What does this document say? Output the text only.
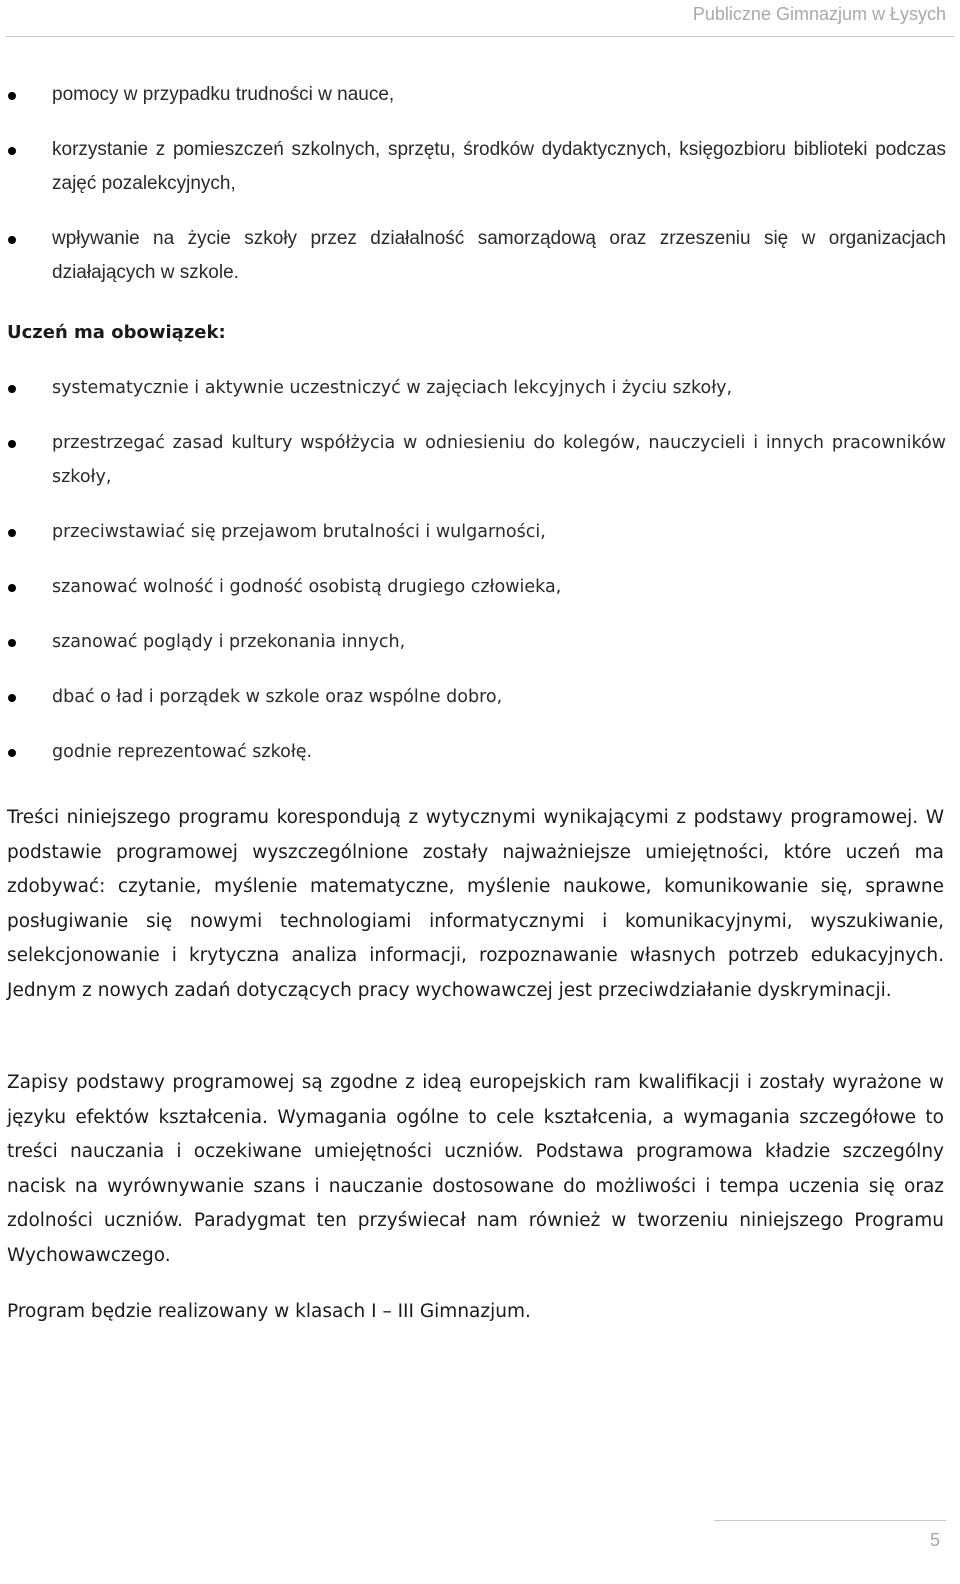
Publiczne Gimnazjum w Łysych
pomocy w przypadku trudności w nauce,
korzystanie z pomieszczeń szkolnych, sprzętu, środków dydaktycznych, księgozbioru biblioteki podczas zajęć pozalekcyjnych,
wpływanie na życie szkoły przez działalność samorządową oraz zrzeszeniu się w organizacjach działających w szkole.
Uczeń ma obowiązek:
systematycznie i aktywnie uczestniczyć w zajęciach lekcyjnych i życiu szkoły,
przestrzegać zasad kultury współżycia w odniesieniu do kolegów, nauczycieli i innych pracowników szkoły,
przeciwstawiać się przejawom brutalności i wulgarności,
szanować wolność i godność osobistą drugiego człowieka,
szanować poglądy i przekonania innych,
dbać o ład i porządek w szkole oraz wspólne dobro,
godnie reprezentować szkołę.

Treści niniejszego programu korespondują z wytycznymi wynikającymi z podstawy programowej. W podstawie programowej wyszczególnione zostały najważniejsze umiejętności, które uczeń ma zdobywać: czytanie, myślenie matematyczne, myślenie naukowe, komunikowanie się, sprawne posługiwanie się nowymi technologiami informatycznymi i komunikacyjnymi, wyszukiwanie, selekcjonowanie i krytyczna analiza informacji, rozpoznawanie własnych potrzeb edukacyjnych. Jednym z nowych zadań dotyczących pracy wychowawczej jest przeciwdziałanie dyskryminacji.

Zapisy podstawy programowej są zgodne z ideą europejskich ram kwalifikacji i zostały wyrażone w języku efektów kształcenia. Wymagania ogólne to cele kształcenia, a wymagania szczegółowe to treści nauczania i oczekiwane umiejętności uczniów. Podstawa programowa kładzie szczególny nacisk na wyrównywanie szans i nauczanie dostosowane do możliwości i tempa uczenia się oraz zdolności uczniów. Paradygmat ten przyświecał nam również w tworzeniu niniejszego Programu Wychowawczego.

Program będzie realizowany w klasach I – III Gimnazjum.

5
